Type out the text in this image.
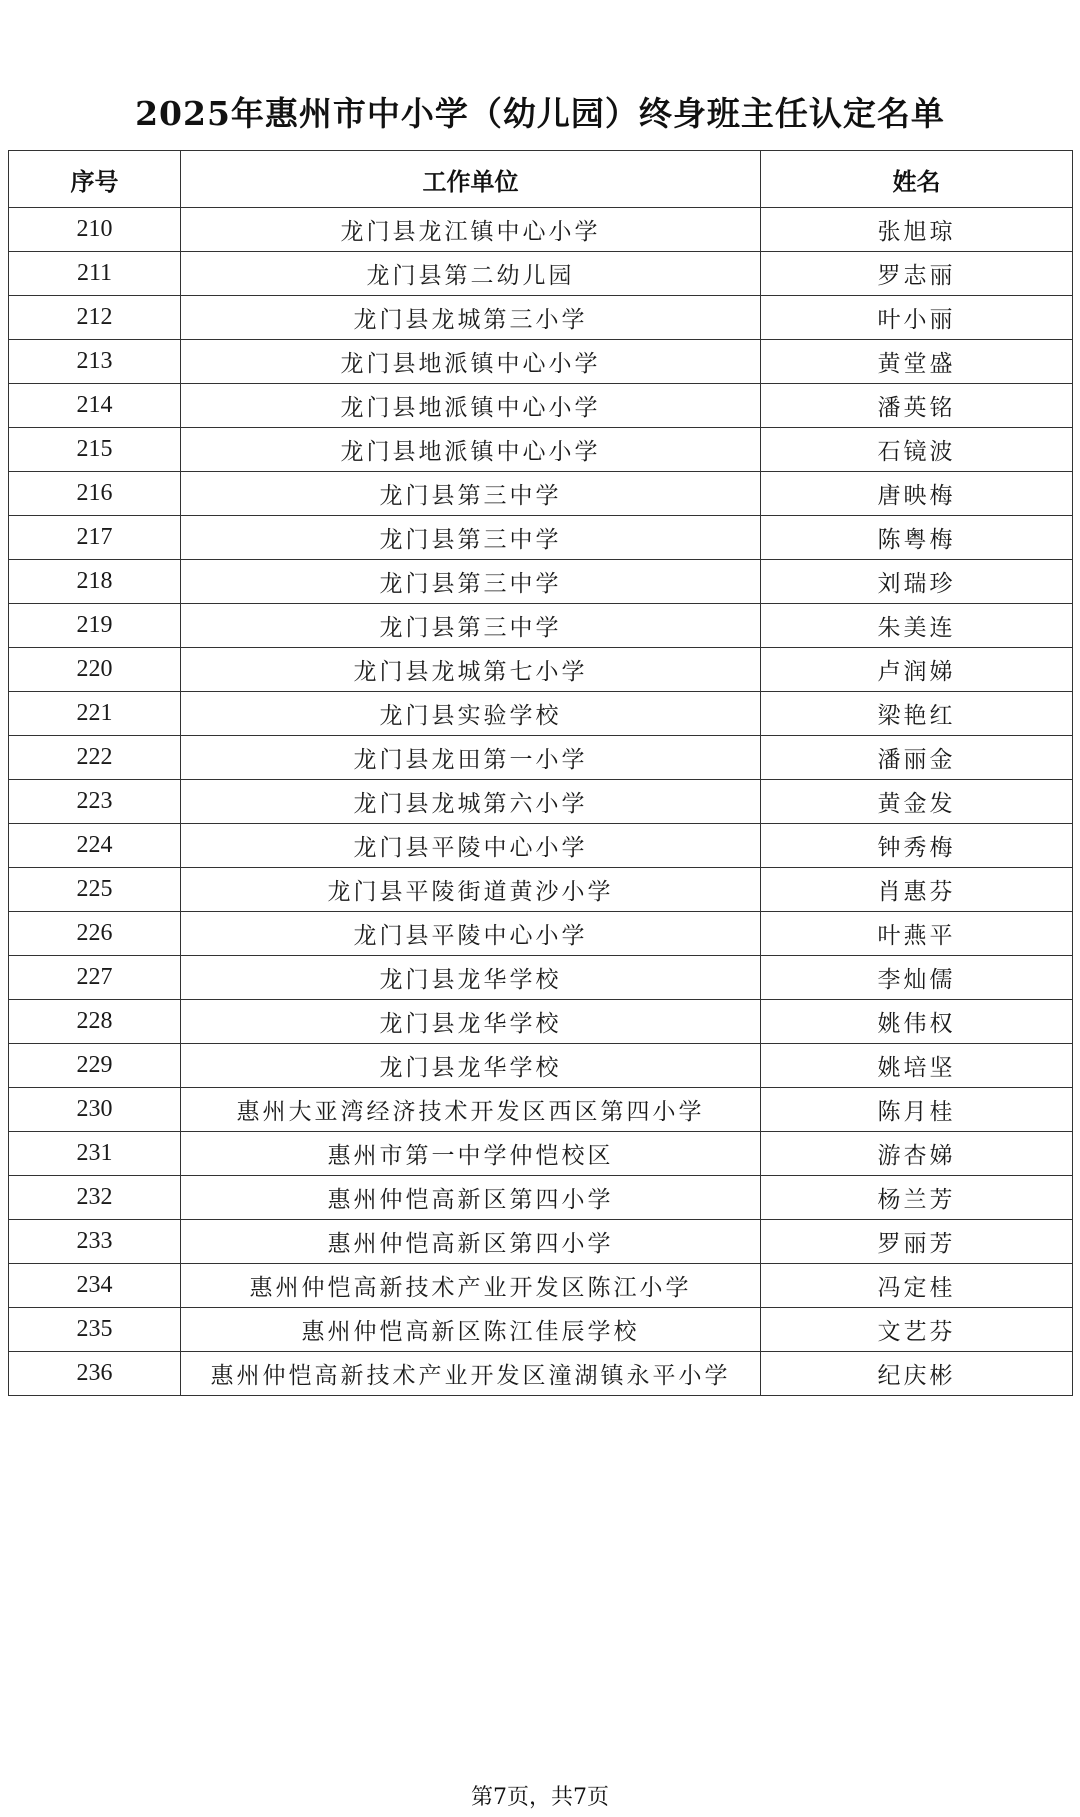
2025年惠州市中小学（幼儿园）终身班主任认定名单
序号	工作单位	姓名
210	龙门县龙江镇中心小学	张旭琼
211	龙门县第二幼儿园	罗志丽
212	龙门县龙城第三小学	叶小丽
213	龙门县地派镇中心小学	黄堂盛
214	龙门县地派镇中心小学	潘英铭
215	龙门县地派镇中心小学	石镜波
216	龙门县第三中学	唐映梅
217	龙门县第三中学	陈粤梅
218	龙门县第三中学	刘瑞珍
219	龙门县第三中学	朱美连
220	龙门县龙城第七小学	卢润娣
221	龙门县实验学校	梁艳红
222	龙门县龙田第一小学	潘丽金
223	龙门县龙城第六小学	黄金发
224	龙门县平陵中心小学	钟秀梅
225	龙门县平陵街道黄沙小学	肖惠芬
226	龙门县平陵中心小学	叶燕平
227	龙门县龙华学校	李灿儒
228	龙门县龙华学校	姚伟权
229	龙门县龙华学校	姚培坚
230	惠州大亚湾经济技术开发区西区第四小学	陈月桂
231	惠州市第一中学仲恺校区	游杏娣
232	惠州仲恺高新区第四小学	杨兰芳
233	惠州仲恺高新区第四小学	罗丽芳
234	惠州仲恺高新技术产业开发区陈江小学	冯定桂
235	惠州仲恺高新区陈江佳辰学校	文艺芬
236	惠州仲恺高新技术产业开发区潼湖镇永平小学	纪庆彬
第7页，共7页
